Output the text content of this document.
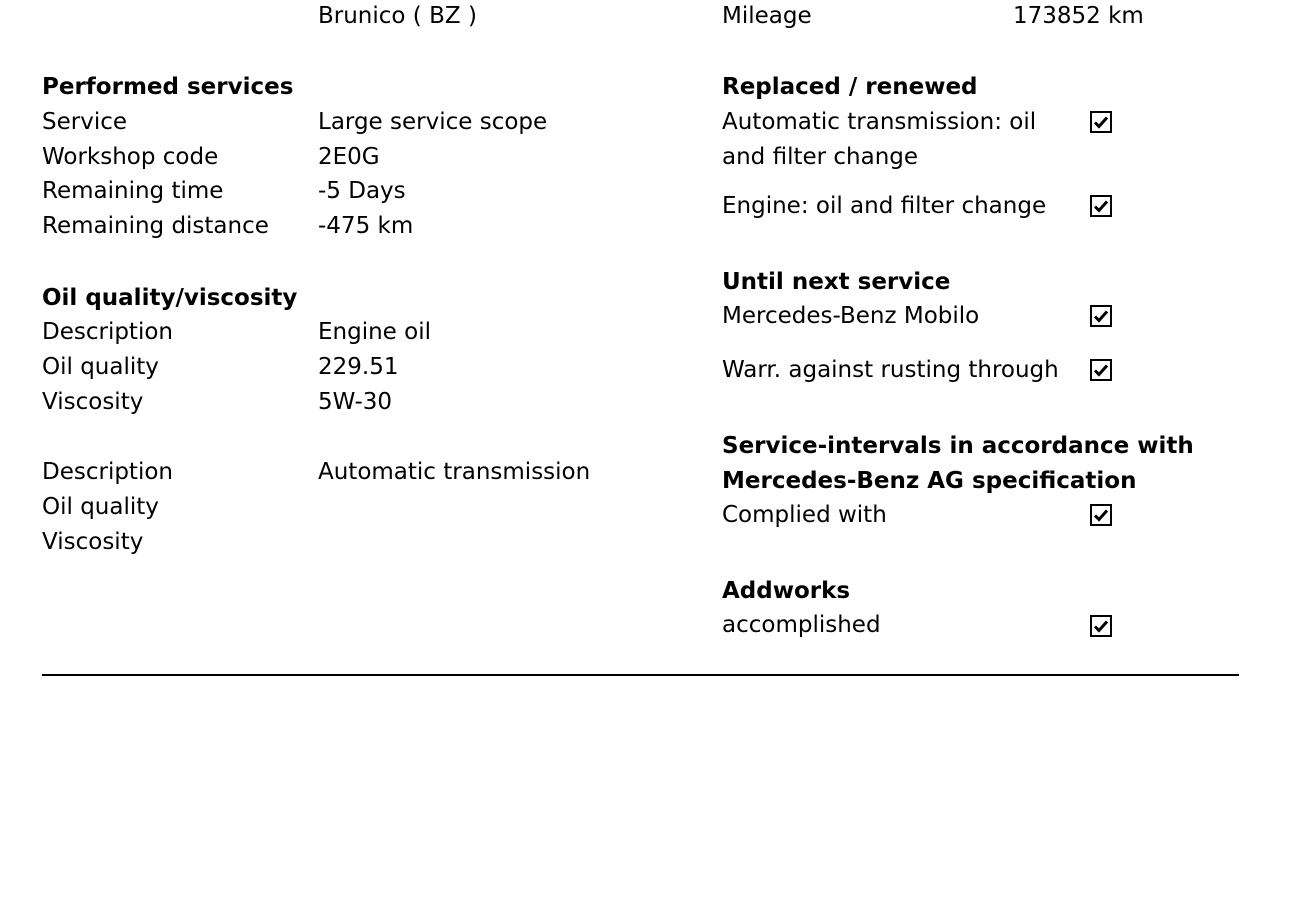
Brunico ( BZ )	Mileage	173852 km
Performed services
Service	Large service scope
Workshop code	2E0G
Remaining time	-5 Days
Remaining distance -475 km
Oil quality/viscosity
Description	Engine oil
Oil quality	229.51
Viscosity	5W-30
Description	Automatic transmission
Oil quality
Viscosity
Replaced / renewed
Automatic transmission: oil and filter change
Engine: oil and filter change
Until next service
Mercedes-Benz Mobilo
Warr. against rusting through
Service-intervals in accordance with
Mercedes-Benz AG specification
Complied with
Addworks
accomplished
